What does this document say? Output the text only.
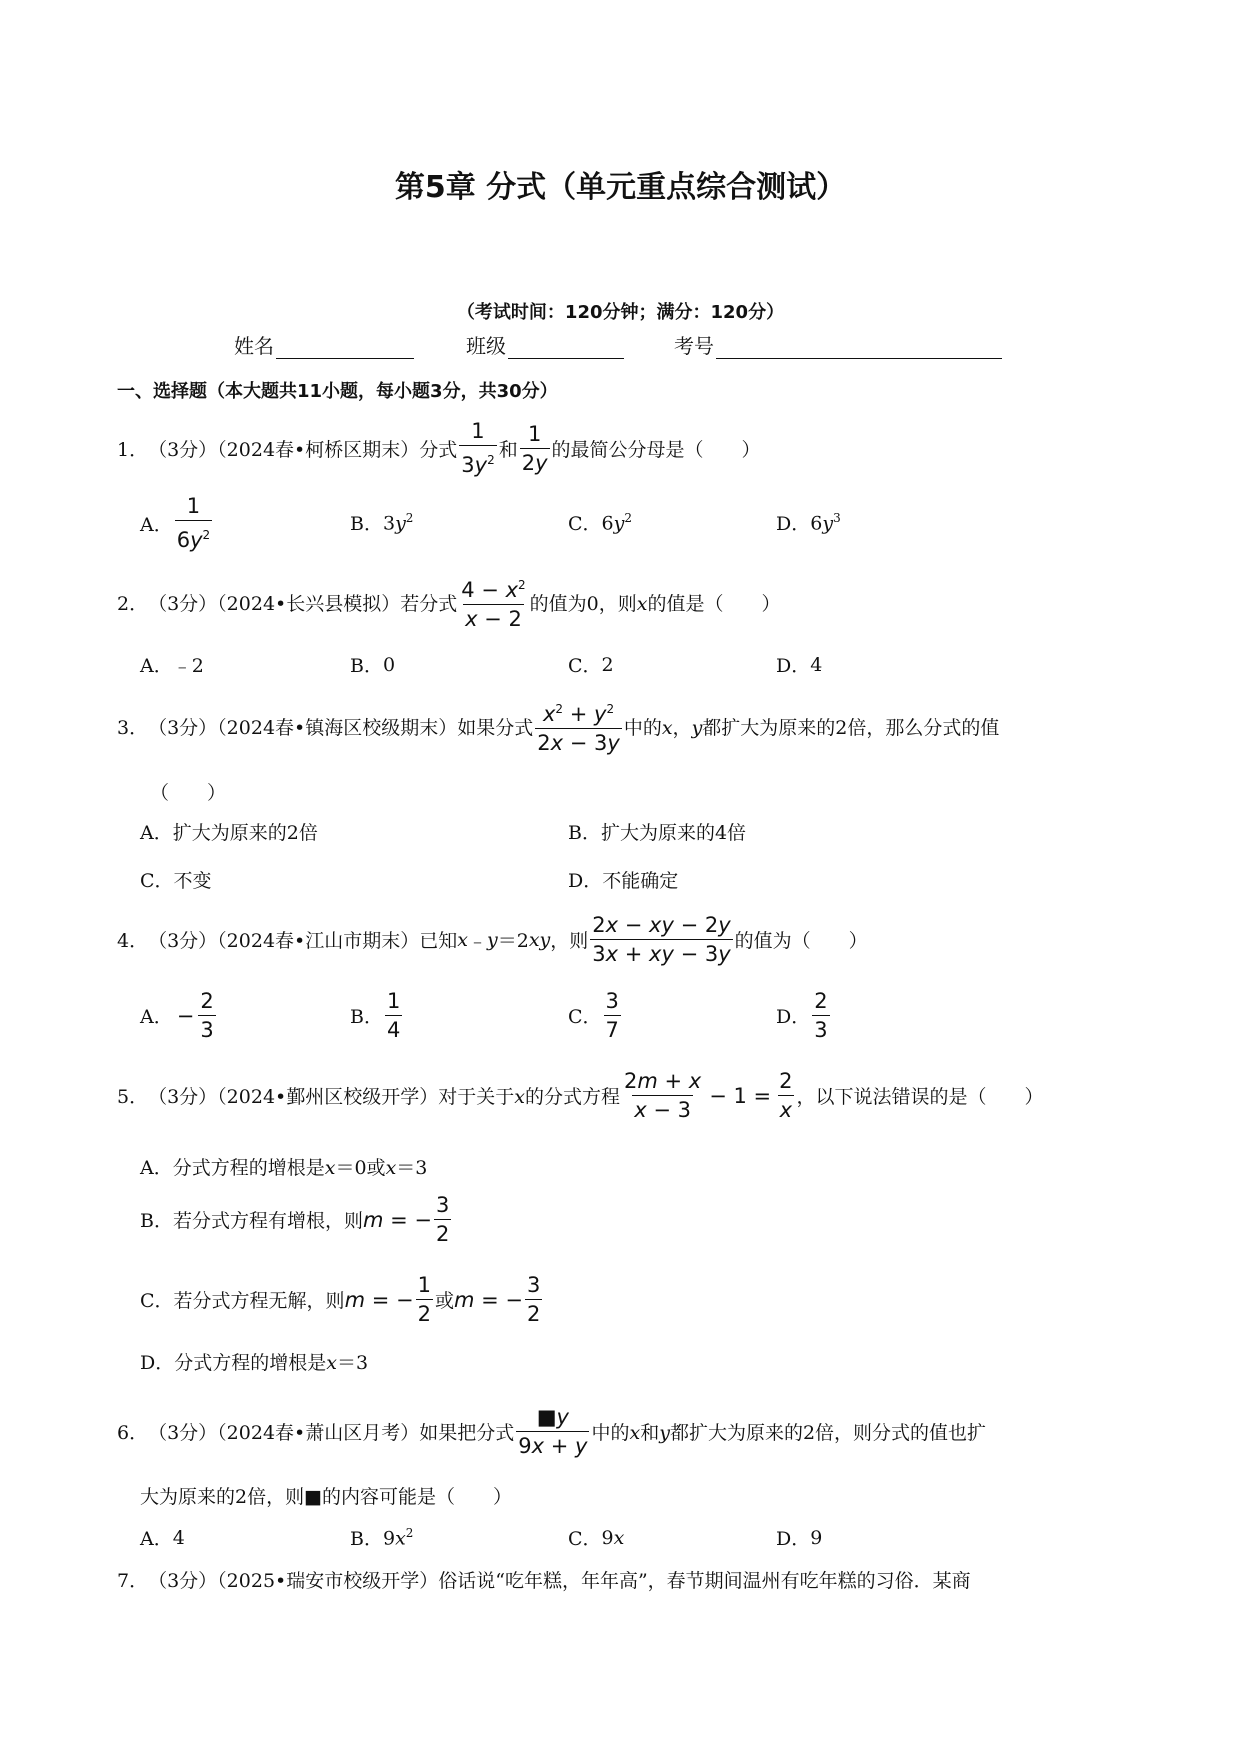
第5章 分式（单元重点综合测试）
（考试时间：120分钟；满分：120分）
姓名	班级	考号
一、选择题（本大题共11小题，每小题3分，共30分）
1． （3分）（2024春•柯桥区期末）分式 $\frac{1}{3y^2}$ 和 $\frac{1}{2y}$ 的最简公分母是（　　）
A． $\frac{1}{6y^2}$	B． $3y^2$	C． $6y^2$	D． $6y^3$
2． （3分）（2024•长兴县模拟）若分式 $\frac{4 - x^2}{x - 2}$ 的值为0，则x的值是（　　）
A． ﹣2	B． 0	C． 2	D． 4
3． （3分）（2024春•镇海区校级期末）如果分式 $\frac{x^2 + y^2}{2x - 3y}$ 中的x，y都扩大为原来的2倍，那么分式的值
（　　）
A． 扩大为原来的2倍	B． 扩大为原来的4倍
C． 不变	D． 不能确定
4． （3分）（2024春•江山市期末）已知 x ﹣ y ＝2 xy ，则 $\frac{2x - xy - 2y}{3x + xy - 3y}$ 的值为（　　）
A． − $\frac{2}{3}$	B． $\frac{1}{4}$	C． $\frac{3}{7}$	D． $\frac{2}{3}$
5． （3分）（2024•鄞州区校级开学）对于关于x的分式方程 $\frac{2m + x}{x - 3} - 1 = \frac{2}{x}$ ，以下说法错误的是（　　）
A． 分式方程的增根是x＝0或x＝3
B． 若分式方程有增根，则 m = − $\frac{3}{2}$
C． 若分式方程无解，则 m = − $\frac{1}{2}$ 或 m = − $\frac{3}{2}$
D． 分式方程的增根是x＝3
6． （3分）（2024春•萧山区月考）如果把分式 $\frac{■y}{9x + y}$ 中的x和y都扩大为原来的2倍，则分式的值也扩
大为原来的2倍，则■的内容可能是（　　）
A． 4	B． $9x^2$	C． 9x	D． 9
7． （3分）（2025•瑞安市校级开学）俗话说“吃年糕，年年高”，春节期间温州有吃年糕的习俗．某商
